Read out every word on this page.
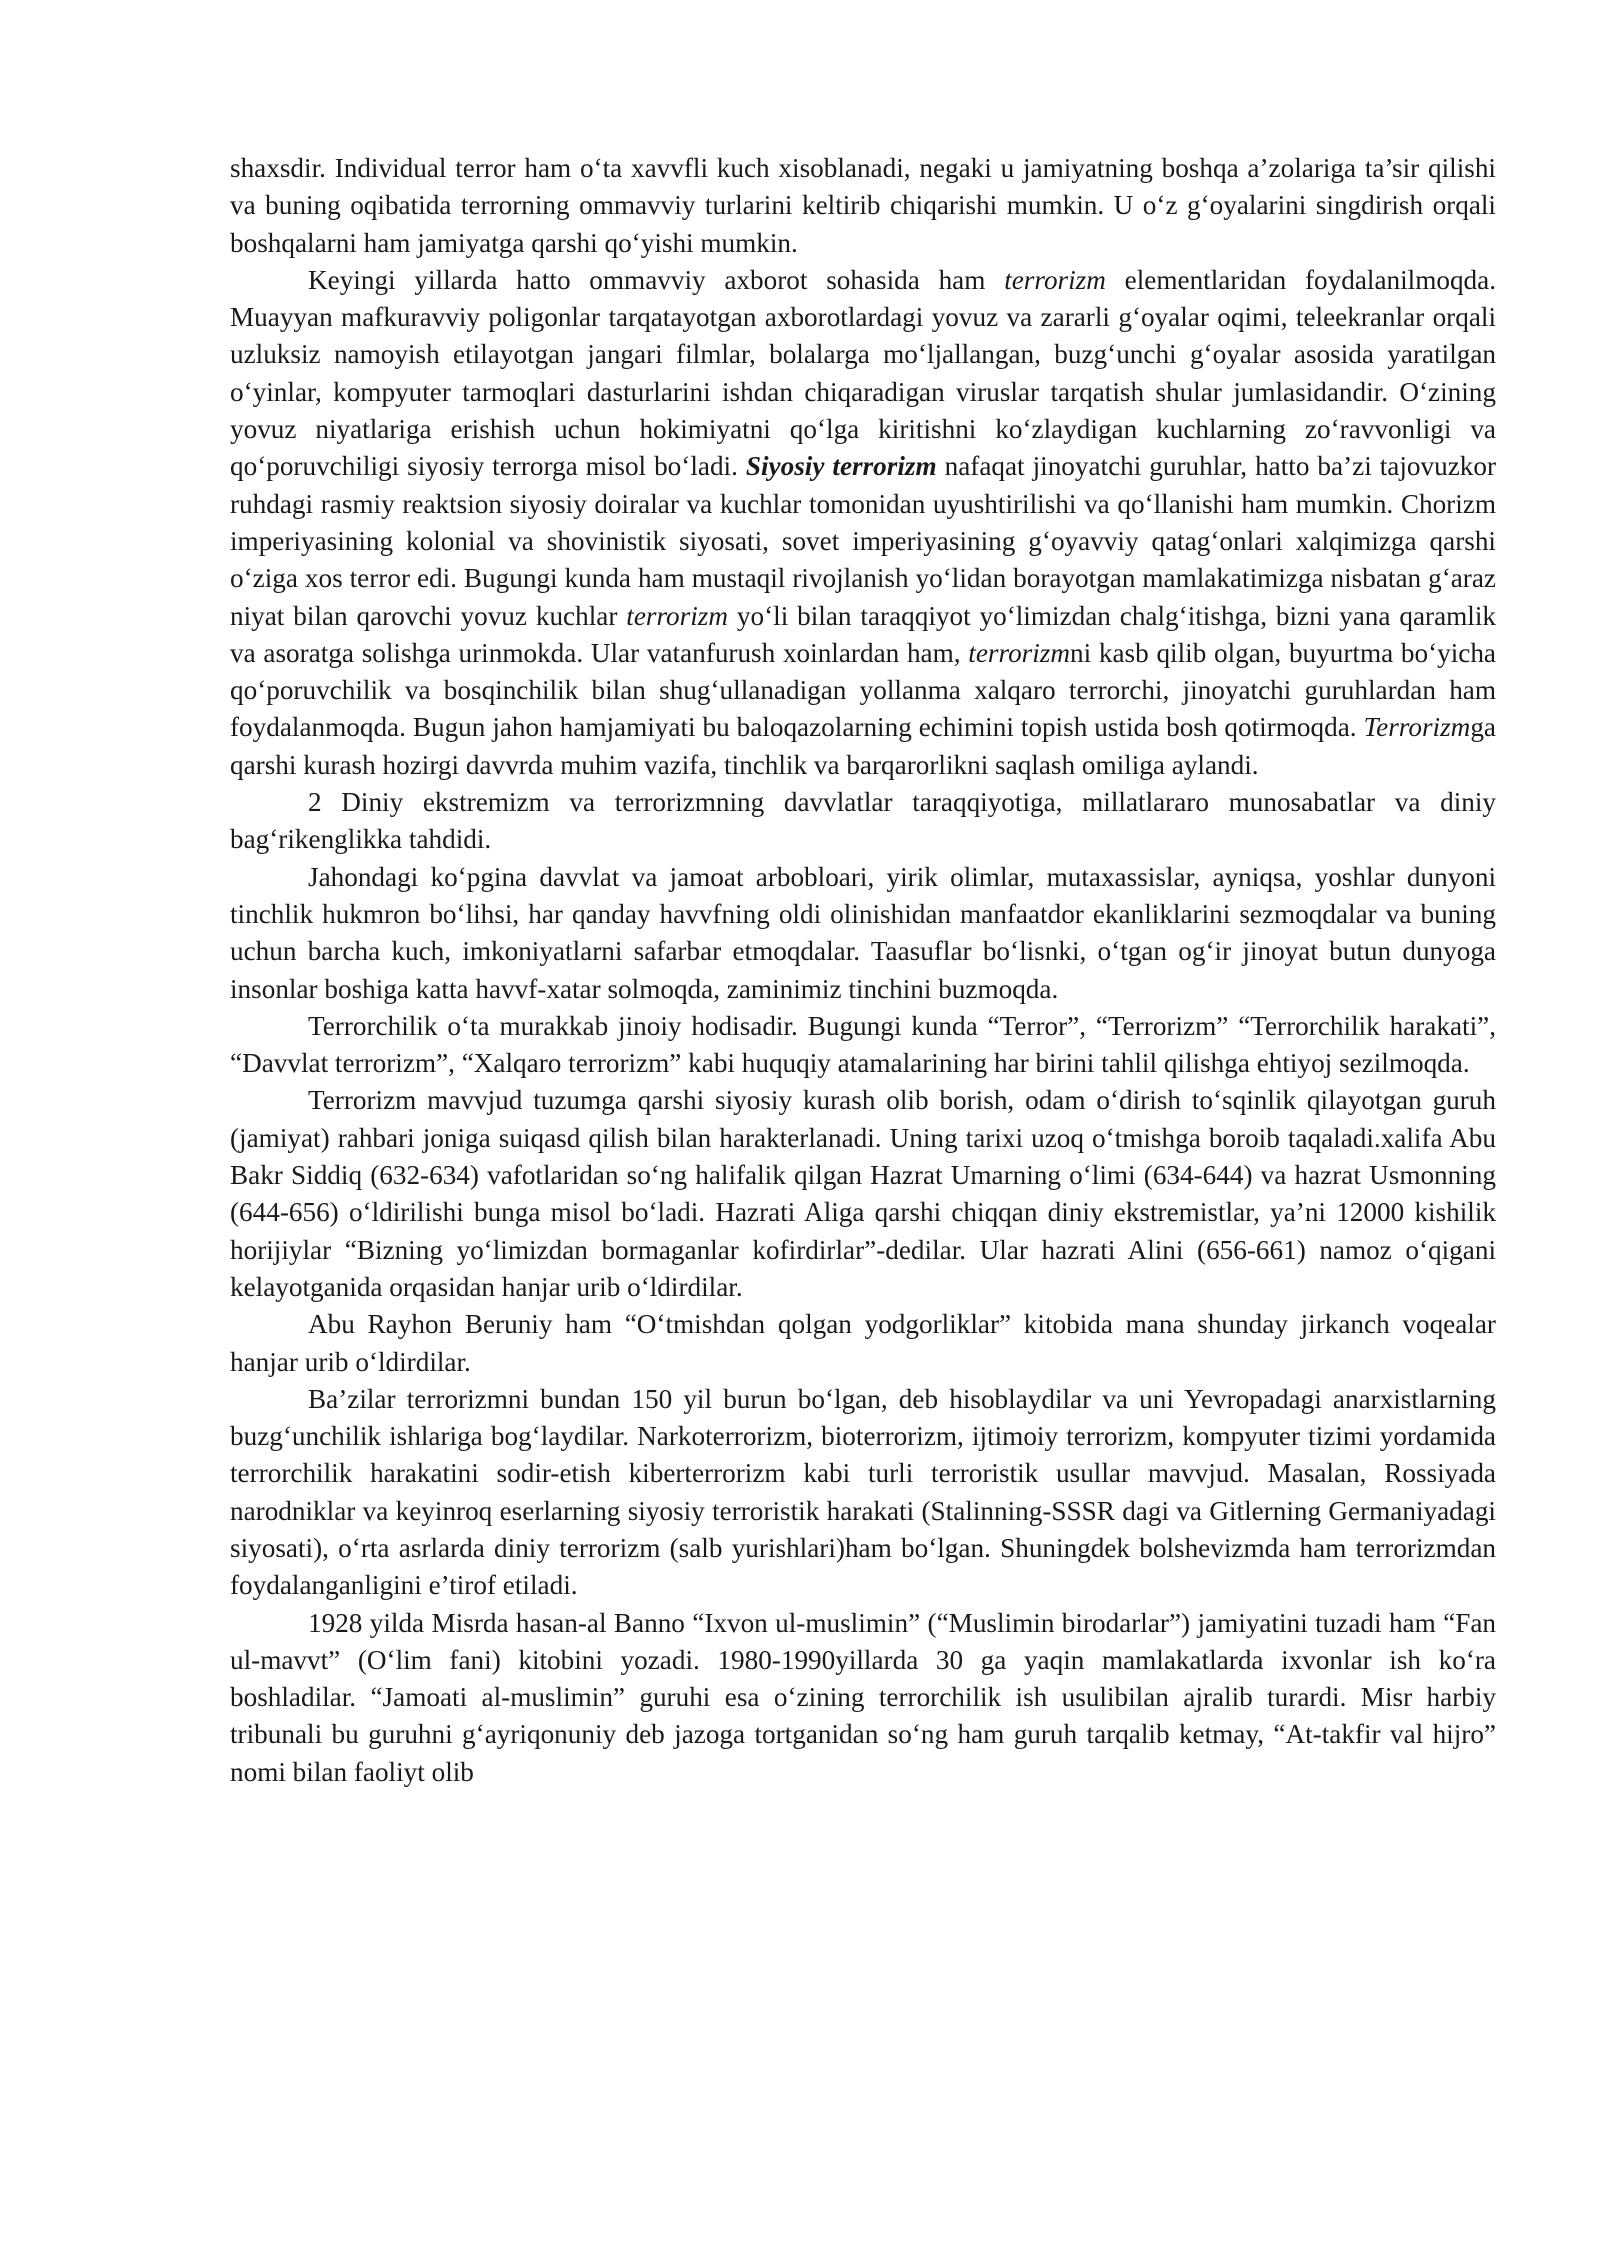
shaxsdir. Individual terror ham o‘ta xavvfli kuch xisoblanadi, negaki u jamiyatning boshqa a’zolariga ta’sir qilishi va buning oqibatida terrorning ommavviy turlarini keltirib chiqarishi mumkin. U o‘z g‘oyalarini singdirish orqali boshqalarni ham jamiyatga qarshi qo‘yishi mumkin.

Keyingi yillarda hatto ommavviy axborot sohasida ham terrorizm elementlaridan foydalanilmoqda. Muayyan mafkuravviy poligonlar tarqatayotgan axborotlardagi yovuz va zararli g‘oyalar oqimi, teleekranlar orqali uzluksiz namoyish etilayotgan jangari filmlar, bolalarga mo‘ljallangan, buzg‘unchi g‘oyalar asosida yaratilgan o‘yinlar, kompyuter tarmoqlari dasturlarini ishdan chiqaradigan viruslar tarqatish shular jumlasidandir. O‘zining yovuz niyatlariga erishish uchun hokimiyatni qo‘lga kiritishni ko‘zlaydigan kuchlarning zo‘ravvonligi va qo‘poruvchiligi siyosiy terrorga misol bo‘ladi. Siyosiy terrorizm nafaqat jinoyatchi guruhlar, hatto ba’zi tajovuzkor ruhdagi rasmiy reaktsion siyosiy doiralar va kuchlar tomonidan uyushtirilishi va qo‘llanishi ham mumkin. Chorizm imperiyasining kolonial va shovinistik siyosati, sovet imperiyasining g‘oyavviy qatag‘onlari xalqimizga qarshi o‘ziga xos terror edi. Bugungi kunda ham mustaqil rivojlanish yo‘lidan borayotgan mamlakatimizga nisbatan g‘araz niyat bilan qarovchi yovuz kuchlar terrorizm yo‘li bilan taraqqiyot yo‘limizdan chalg‘itishga, bizni yana qaramlik va asoratga solishga urinmokda. Ular vatanfurush xoinlardan ham, terrorizmni kasb qilib olgan, buyurtma bo‘yicha qo‘poruvchilik va bosqinchilik bilan shug‘ullanadigan yollanma xalqaro terrorchi, jinoyatchi guruhlardan ham foydalanmoqda. Bugun jahon hamjamiyati bu baloqazolarning echimini topish ustida bosh qotirmoqda. Terrorizmga qarshi kurash hozirgi davvrda muhim vazifa, tinchlik va barqarorlikni saqlash omiliga aylandi.

2 Diniy ekstremizm va terrorizmning davvlatlar taraqqiyotiga, millatlararo munosabatlar va diniy bag‘rikenglikka tahdidi.

Jahondagi ko‘pgina davvlat va jamoat arbobloari, yirik olimlar, mutaxassislar, ayniqsa, yoshlar dunyoni tinchlik hukmron bo‘lihsi, har qanday havvfning oldi olinishidan manfaatdor ekanliklarini sezmoqdalar va buning uchun barcha kuch, imkoniyatlarni safarbar etmoqdalar. Taasuflar bo‘lisnki, o‘tgan og‘ir jinoyat butun dunyoga insonlar boshiga katta havvf-xatar solmoqda, zaminimiz tinchini buzmoqda.

Terrorchilik o‘ta murakkab jinoiy hodisadir. Bugungi kunda “Terror”, “Terrorizm” “Terrorchilik harakati”, “Davvlat terrorizm”, “Xalqaro terrorizm” kabi huquqiy atamalarining har birini tahlil qilishga ehtiyoj sezilmoqda.

Terrorizm mavvjud tuzumga qarshi siyosiy kurash olib borish, odam o‘dirish to‘sqinlik qilayotgan guruh (jamiyat) rahbari joniga suiqasd qilish bilan harakterlanadi. Uning tarixi uzoq o‘tmishga boroib taqaladi.xalifa Abu Bakr Siddiq (632-634) vafotlaridan so‘ng halifalik qilgan Hazrat Umarning o‘limi (634-644) va hazrat Usmonning (644-656) o‘ldirilishi bunga misol bo‘ladi. Hazrati Aliga qarshi chiqqan diniy ekstremistlar, ya’ni 12000 kishilik horijiylar “Bizning yo‘limizdan bormaganlar kofirdirlar”-dedilar. Ular hazrati Alini (656-661) namoz o‘qigani kelayotganida orqasidan hanjar urib o‘ldirdilar.

Abu Rayhon Beruniy ham “O‘tmishdan qolgan yodgorliklar” kitobida mana shunday jirkanch voqealar hanjar urib o‘ldirdilar.

Ba’zilar terrorizmni bundan 150 yil burun bo‘lgan, deb hisoblaydilar va uni Yevropadagi anarxistlarning buzg‘unchilik ishlariga bog‘laydilar. Narkoterrorizm, bioterrorizm, ijtimoiy terrorizm, kompyuter tizimi yordamida terrorchilik harakatini sodir-etish kiberterrorizm kabi turli terroristik usullar mavvjud. Masalan, Rossiyada narodniklar va keyinroq eserlarning siyosiy terroristik harakati (Stalinning-SSSR dagi va Gitlerning Germaniyadagi siyosati), o‘rta asrlarda diniy terrorizm (salb yurishlari)ham bo‘lgan. Shuningdek bolshevizmda ham terrorizmdan foydalanganligini e’tirof etiladi.

1928 yilda Misrda hasan-al Banno “Ixvon ul-muslimin” (“Muslimin birodarlar”) jamiyatini tuzadi ham “Fan ul-mavvt” (O‘lim fani) kitobini yozadi. 1980-1990yillarda 30 ga yaqin mamlakatlarda ixvonlar ish ko‘ra boshladilar. “Jamoati al-muslimin” guruhi esa o‘zining terrorchilik ish usulibilan ajralib turardi. Misr harbiy tribunali bu guruhni g‘ayriqonuniy deb jazoga tortganidan so‘ng ham guruh tarqalib ketmay, “At-takfir val hijro” nomi bilan faoliyt olib
